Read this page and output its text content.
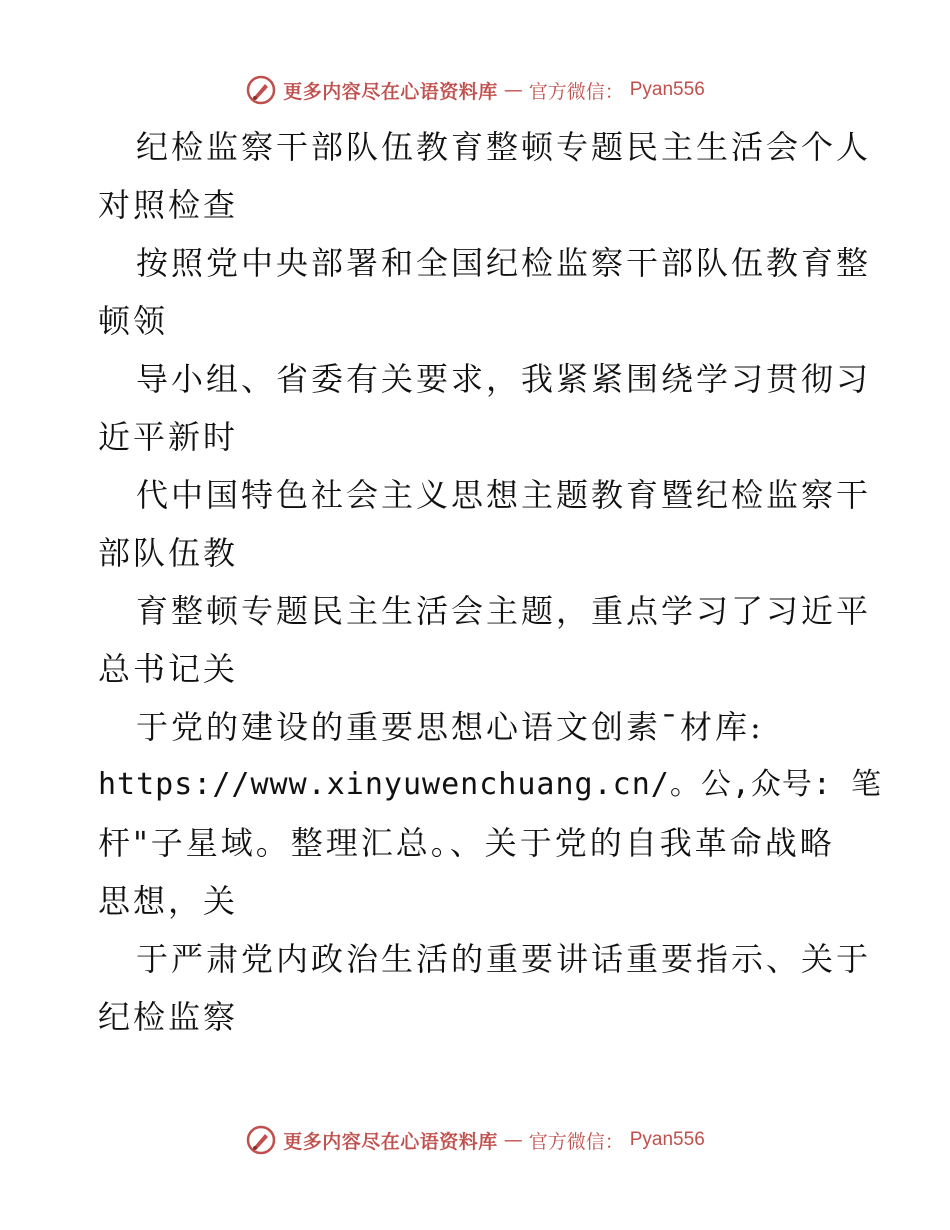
更多内容尽在心语资料库 — 官方微信： Pyan556
纪检监察干部队伍教育整顿专题民主生活会个人
对照检查
按照党中央部署和全国纪检监察干部队伍教育整
顿领
导小组、省委有关要求，我紧紧围绕学习贯彻习
近平新时
代中国特色社会主义思想主题教育暨纪检监察干
部队伍教
育整顿专题民主生活会主题，重点学习了习近平
总书记关
于党的建设的重要思想心语文创素¯材库:
https://www.xinyuwenchuang.cn/。公,众号: 笔
杆"子星域。整理汇总。、关于党的自我革命战略
思想，关
于严肃党内政治生活的重要讲话重要指示、关于
纪检监察
更多内容尽在心语资料库 — 官方微信： Pyan556
